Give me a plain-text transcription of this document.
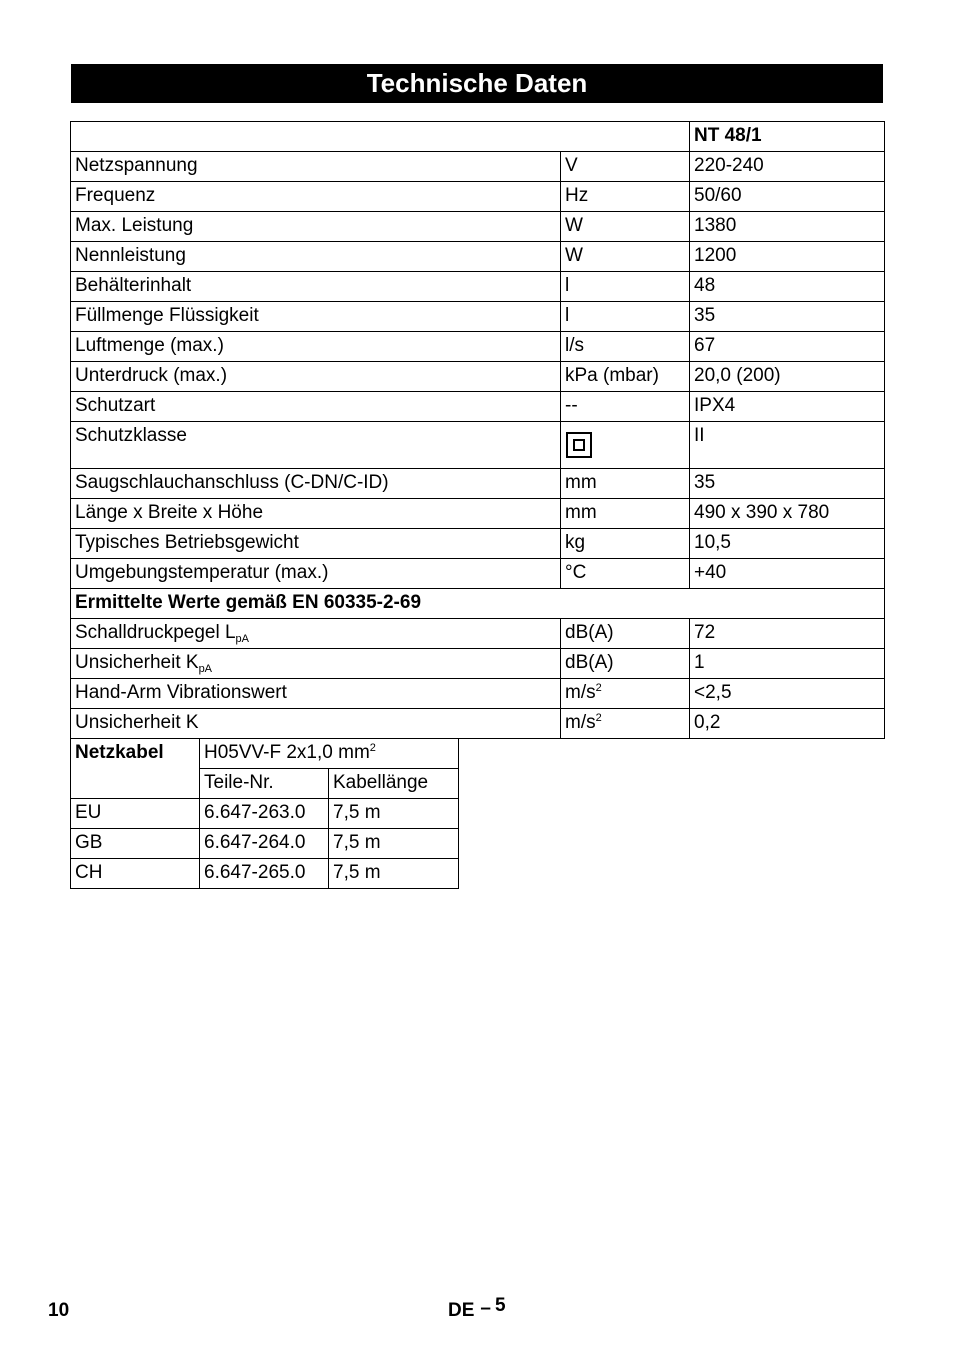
Technische Daten
		NT 48/1
Netzspannung	V	220-240
Frequenz	Hz	50/60
Max. Leistung	W	1380
Nennleistung	W	1200
Behälterinhalt	l	48
Füllmenge Flüssigkeit	l	35
Luftmenge (max.)	l/s	67
Unterdruck (max.)	kPa (mbar)	20,0 (200)
Schutzart	--	IPX4
Schutzklasse		II
Saugschlauchanschluss (C-DN/C-ID)	mm	35
Länge x Breite x Höhe	mm	490 x 390 x 780
Typisches Betriebsgewicht	kg	10,5
Umgebungstemperatur (max.)	°C	+40
Ermittelte Werte gemäß EN 60335-2-69		
Schalldruckpegel $L_{pA}$	dB(A)	72
Unsicherheit $K_{pA}$	dB(A)	1
Hand-Arm Vibrationswert	$m/s^2$	<2,5
Unsicherheit K	$m/s^2$	0,2
Netzkabel	H05VV-F 2x1,0 $mm^2$
	Teile-Nr.	Kabellänge
EU	6.647-263.0	7,5 m
GB	6.647-264.0	7,5 m
CH	6.647-265.0	7,5 m
10	DE – 5
